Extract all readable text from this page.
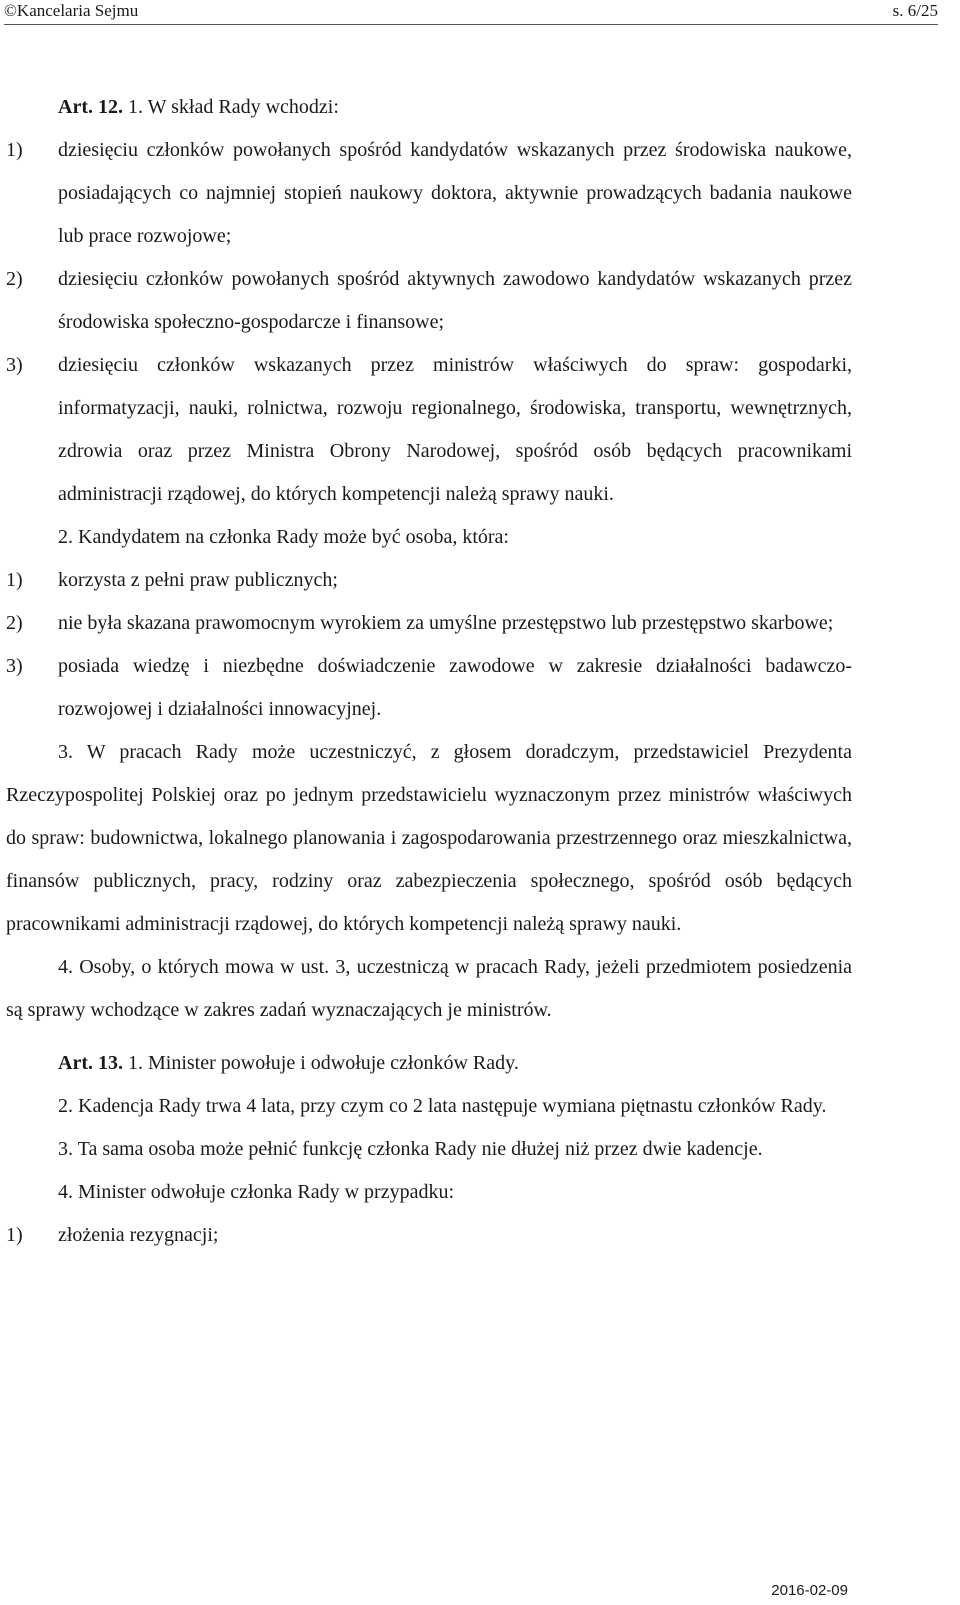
©Kancelaria Sejmu	s. 6/25

Art. 12. 1. W skład Rady wchodzi:

1)	dziesięciu członków powołanych spośród kandydatów wskazanych przez środowiska naukowe, posiadających co najmniej stopień naukowy doktora, aktywnie prowadzących badania naukowe lub prace rozwojowe;
2)	dziesięciu członków powołanych spośród aktywnych zawodowo kandydatów wskazanych przez środowiska społeczno-gospodarcze i finansowe;
3)	dziesięciu członków wskazanych przez ministrów właściwych do spraw: gospodarki, informatyzacji, nauki, rolnictwa, rozwoju regionalnego, środowiska, transportu, wewnętrznych, zdrowia oraz przez Ministra Obrony Narodowej, spośród osób będących pracownikami administracji rządowej, do których kompetencji należą sprawy nauki.

2. Kandydatem na członka Rady może być osoba, która:

1)	korzysta z pełni praw publicznych;
2)	nie była skazana prawomocnym wyrokiem za umyślne przestępstwo lub przestępstwo skarbowe;
3)	posiada wiedzę i niezbędne doświadczenie zawodowe w zakresie działalności badawczo-rozwojowej i działalności innowacyjnej.

3. W pracach Rady może uczestniczyć, z głosem doradczym, przedstawiciel Prezydenta Rzeczypospolitej Polskiej oraz po jednym przedstawicielu wyznaczonym przez ministrów właściwych do spraw: budownictwa, lokalnego planowania i zagospodarowania przestrzennego oraz mieszkalnictwa, finansów publicznych, pracy, rodziny oraz zabezpieczenia społecznego, spośród osób będących pracownikami administracji rządowej, do których kompetencji należą sprawy nauki.

4. Osoby, o których mowa w ust. 3, uczestniczą w pracach Rady, jeżeli przedmiotem posiedzenia są sprawy wchodzące w zakres zadań wyznaczających je ministrów.

Art. 13. 1. Minister powołuje i odwołuje członków Rady.

2. Kadencja Rady trwa 4 lata, przy czym co 2 lata następuje wymiana piętnastu członków Rady.

3. Ta sama osoba może pełnić funkcję członka Rady nie dłużej niż przez dwie kadencje.

4. Minister odwołuje członka Rady w przypadku:

1)	złożenia rezygnacji;
2016-02-09
